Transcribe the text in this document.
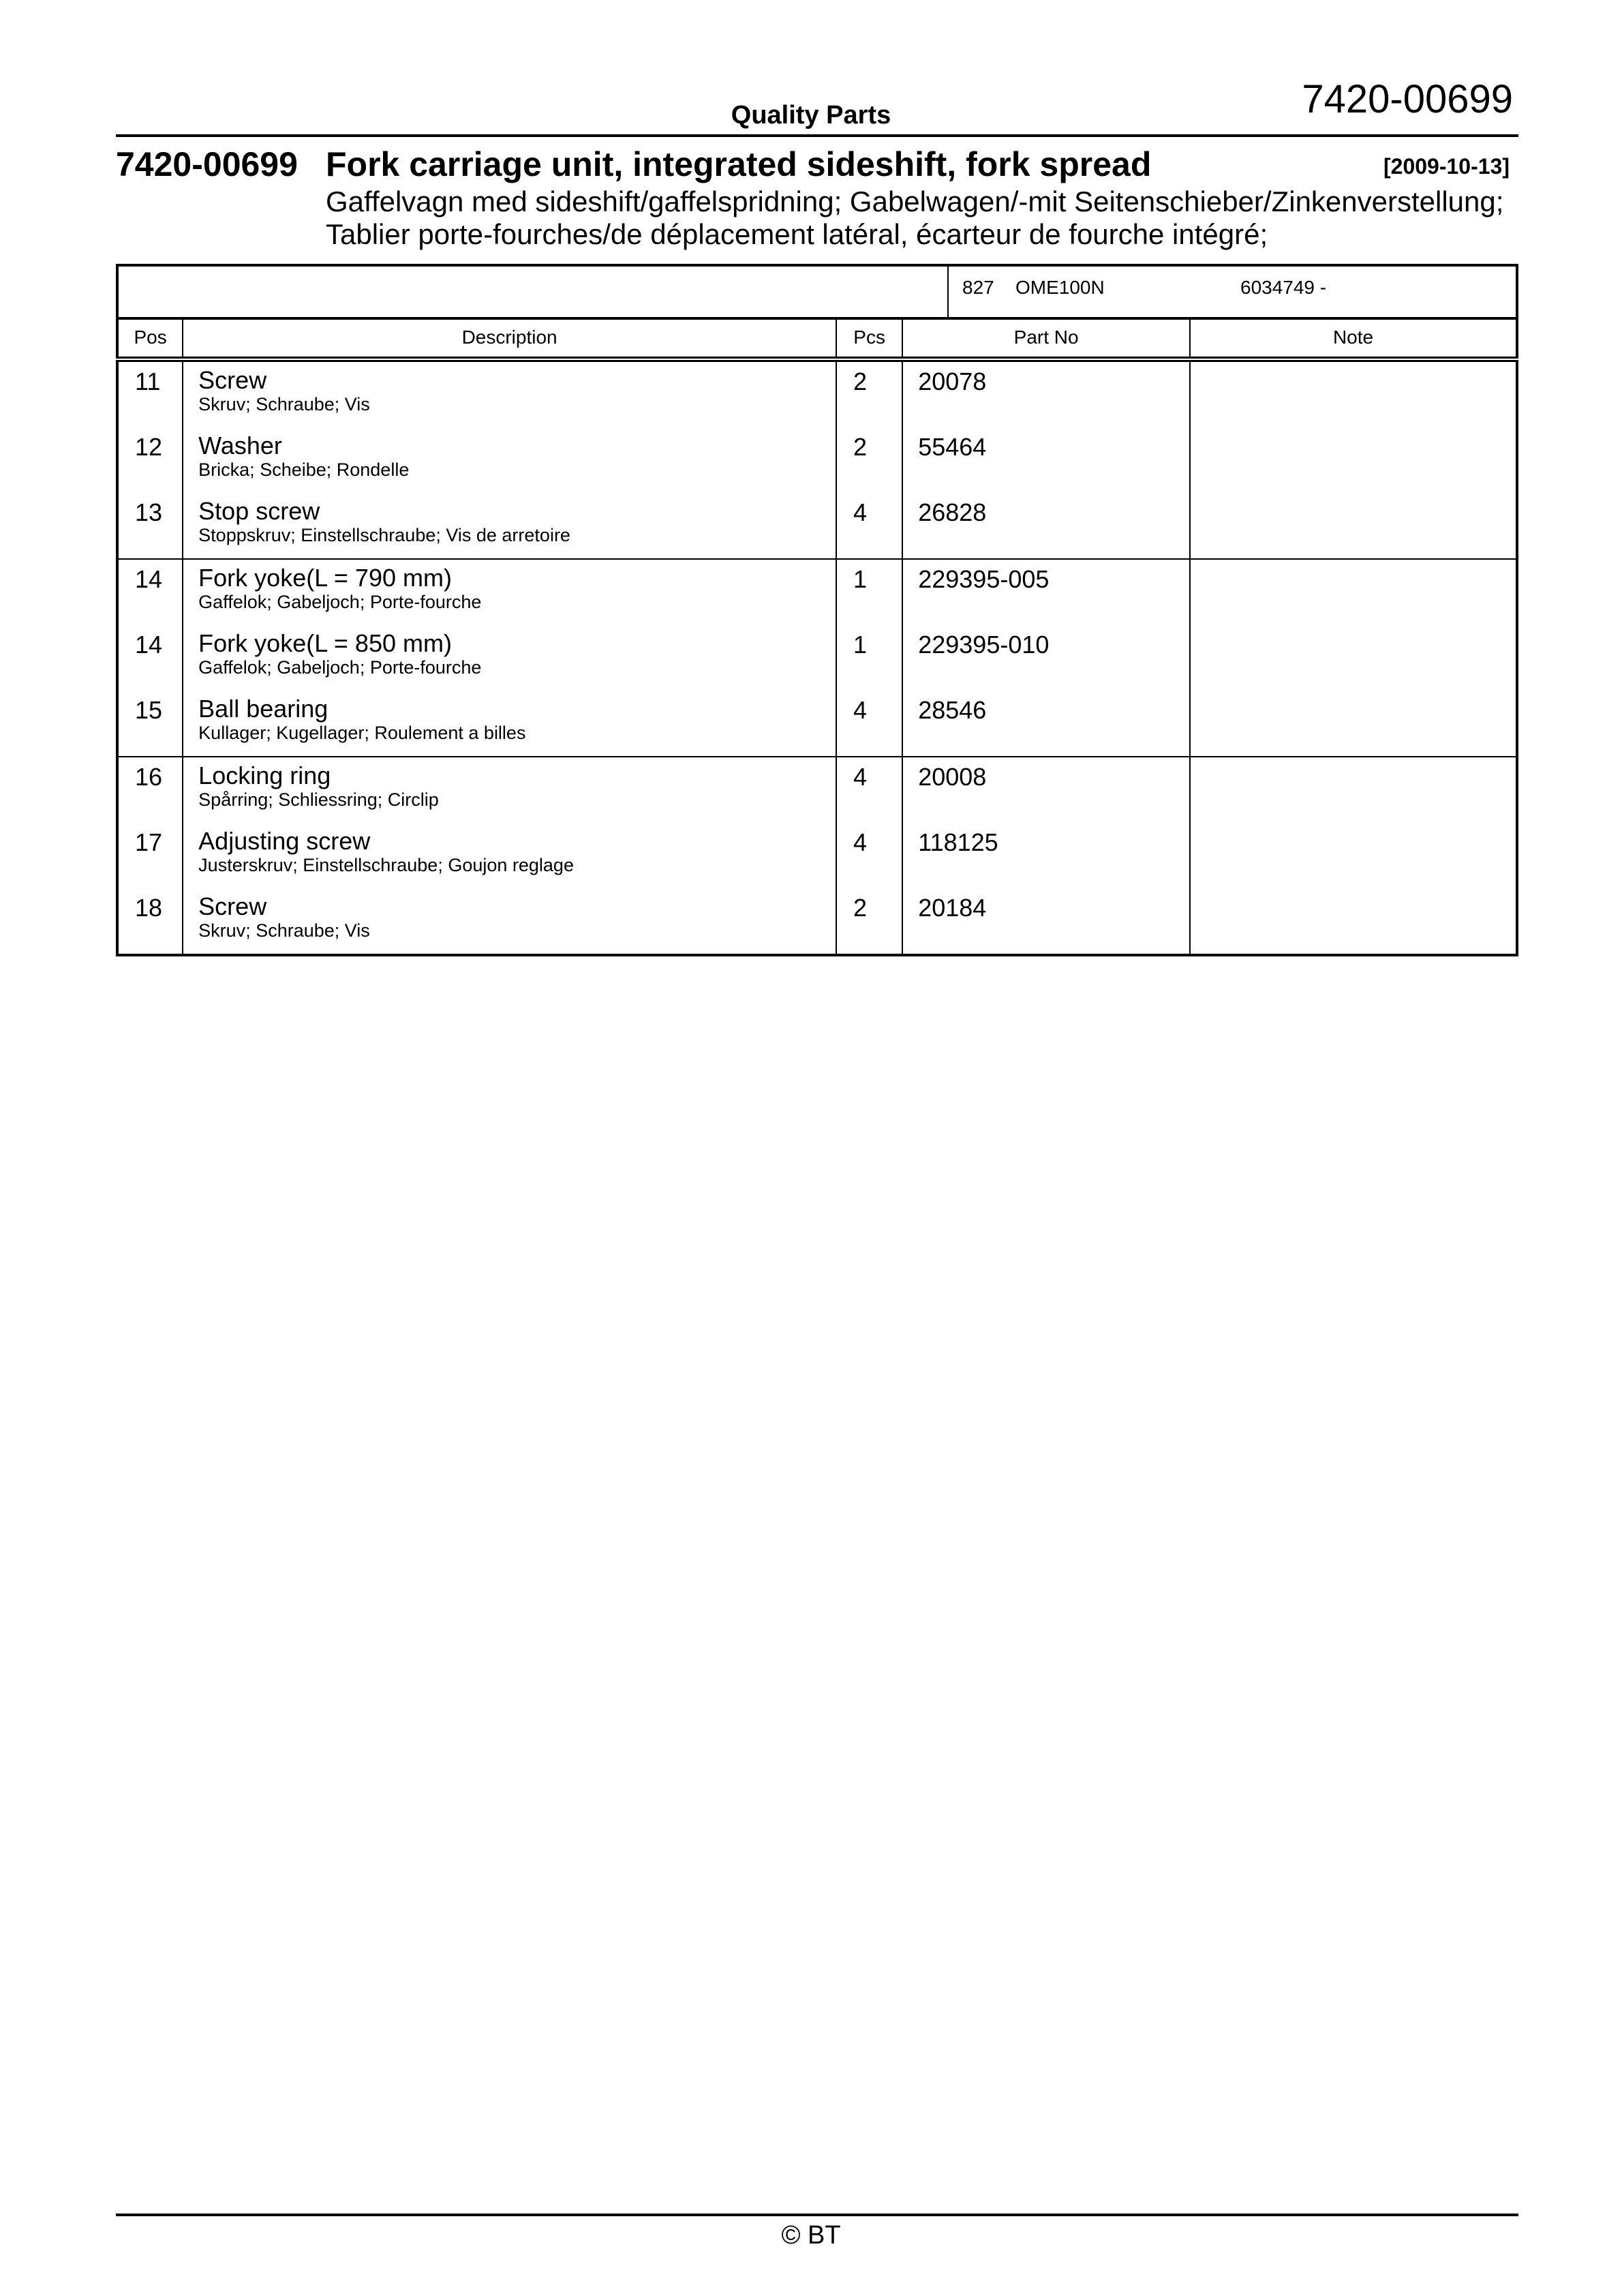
Quality Parts	7420-00699
7420-00699 Fork carriage unit, integrated sideshift, fork spread	[2009-10-13]
Gaffelvagn med sideshift/gaffelspridning; Gabelwagen/-mit Seitenschieber/Zinkenverstellung;
Tablier porte-fourches/de déplacement latéral, écarteur de fourche intégré;
827 OME100N	6034749 -
Pos	Description	Pcs	Part No	Note
11	Screw
Skruv; Schraube; Vis	2	20078	
12	Washer
Bricka; Scheibe; Rondelle	2	55464	
13	Stop screw
Stoppskruv; Einstellschraube; Vis de arretoire	4	26828	
14	Fork yoke(L = 790 mm)
Gaffelok; Gabeljoch; Porte-fourche	1	229395-005	
14	Fork yoke(L = 850 mm)
Gaffelok; Gabeljoch; Porte-fourche	1	229395-010	
15	Ball bearing
Kullager; Kugellager; Roulement a billes	4	28546	
16	Locking ring
Spårring; Schliessring; Circlip	4	20008	
17	Adjusting screw
Justerskruv; Einstellschraube; Goujon reglage	4	118125	
18	Screw
Skruv; Schraube; Vis	2	20184	
© BT
